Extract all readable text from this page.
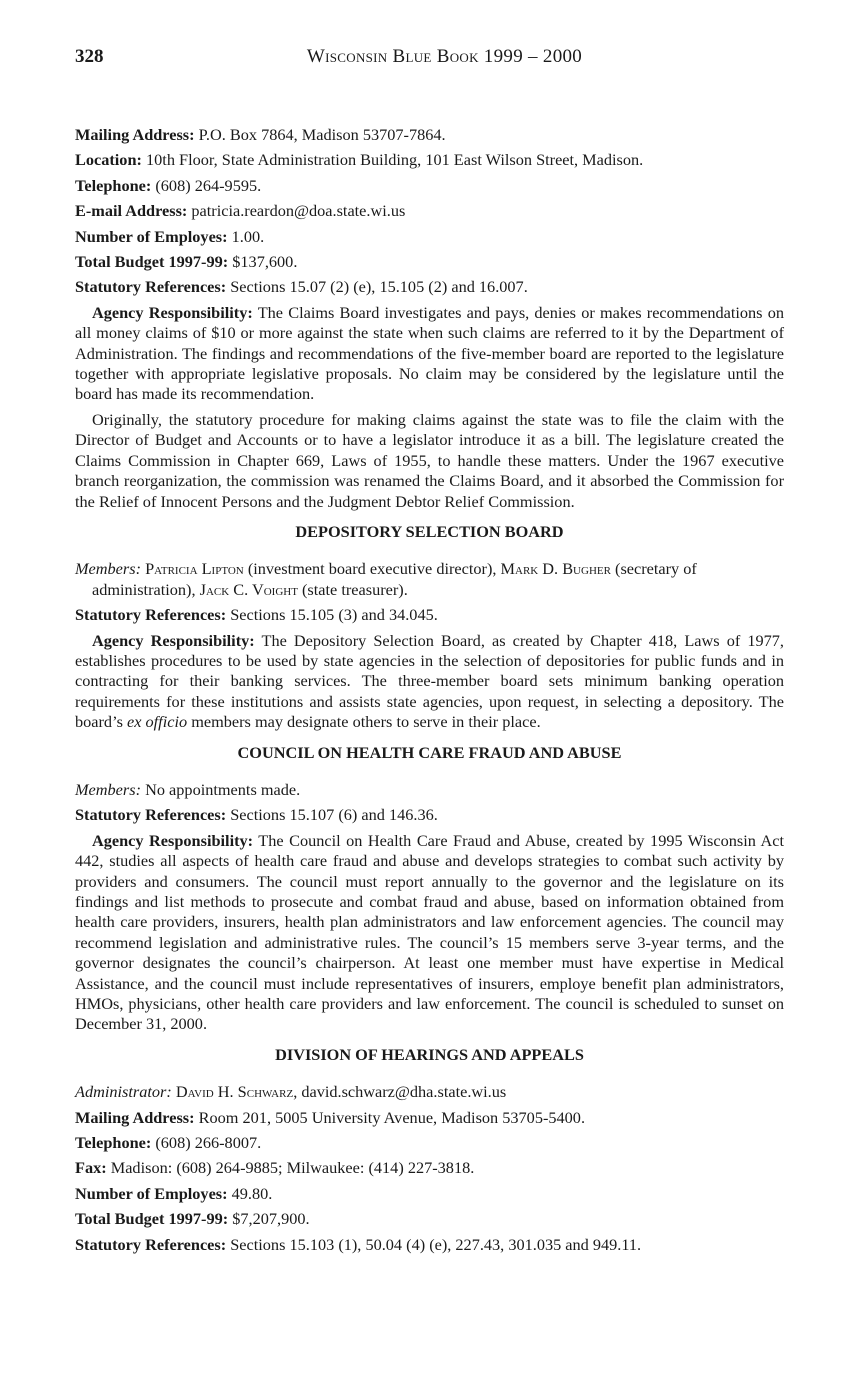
328	Wisconsin Blue Book 1999 – 2000

Mailing Address: P.O. Box 7864, Madison 53707-7864.

Location: 10th Floor, State Administration Building, 101 East Wilson Street, Madison.

Telephone: (608) 264-9595.

E-mail Address: patricia.reardon@doa.state.wi.us

Number of Employes: 1.00.

Total Budget 1997-99: $137,600.

Statutory References: Sections 15.07 (2) (e), 15.105 (2) and 16.007.

Agency Responsibility: The Claims Board investigates and pays, denies or makes recommendations on all money claims of $10 or more against the state when such claims are referred to it by the Department of Administration. The findings and recommendations of the five-member board are reported to the legislature together with appropriate legislative proposals. No claim may be considered by the legislature until the board has made its recommendation.

Originally, the statutory procedure for making claims against the state was to file the claim with the Director of Budget and Accounts or to have a legislator introduce it as a bill. The legislature created the Claims Commission in Chapter 669, Laws of 1955, to handle these matters. Under the 1967 executive branch reorganization, the commission was renamed the Claims Board, and it absorbed the Commission for the Relief of Innocent Persons and the Judgment Debtor Relief Commission.

DEPOSITORY SELECTION BOARD

Members: Patricia Lipton (investment board executive director), Mark D. Bugher (secretary of administration), Jack C. Voight (state treasurer).

Statutory References: Sections 15.105 (3) and 34.045.

Agency Responsibility: The Depository Selection Board, as created by Chapter 418, Laws of 1977, establishes procedures to be used by state agencies in the selection of depositories for public funds and in contracting for their banking services. The three-member board sets minimum banking operation requirements for these institutions and assists state agencies, upon request, in selecting a depository. The board’s ex officio members may designate others to serve in their place.

COUNCIL ON HEALTH CARE FRAUD AND ABUSE

Members: No appointments made.

Statutory References: Sections 15.107 (6) and 146.36.

Agency Responsibility: The Council on Health Care Fraud and Abuse, created by 1995 Wisconsin Act 442, studies all aspects of health care fraud and abuse and develops strategies to combat such activity by providers and consumers. The council must report annually to the governor and the legislature on its findings and list methods to prosecute and combat fraud and abuse, based on information obtained from health care providers, insurers, health plan administrators and law enforcement agencies. The council may recommend legislation and administrative rules. The council’s 15 members serve 3-year terms, and the governor designates the council’s chairperson. At least one member must have expertise in Medical Assistance, and the council must include representatives of insurers, employe benefit plan administrators, HMOs, physicians, other health care providers and law enforcement. The council is scheduled to sunset on December 31, 2000.

DIVISION OF HEARINGS AND APPEALS

Administrator: David H. Schwarz, david.schwarz@dha.state.wi.us

Mailing Address: Room 201, 5005 University Avenue, Madison 53705-5400.

Telephone: (608) 266-8007.

Fax: Madison: (608) 264-9885; Milwaukee: (414) 227-3818.

Number of Employes: 49.80.

Total Budget 1997-99: $7,207,900.

Statutory References: Sections 15.103 (1), 50.04 (4) (e), 227.43, 301.035 and 949.11.
